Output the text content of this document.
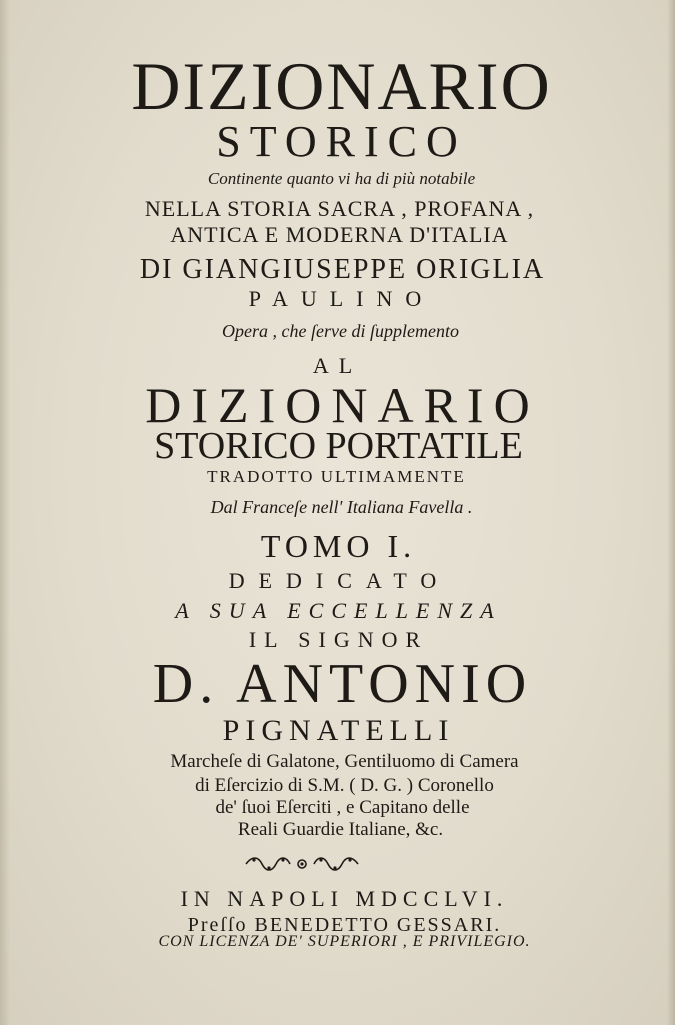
DIZIONARIO

STORICO

Continente quanto vi ha di più notabile

NELLA STORIA SACRA , PROFANA ,

ANTICA E MODERNA D'ITALIA

DI GIANGIUSEPPE ORIGLIA

PAULINO

Opera , che ſerve di ſupplemento

AL

DIZIONARIO

STORICO PORTATILE

TRADOTTO ULTIMAMENTE

Dal Franceſe nell' Italiana Favella .

TOMO I.

DEDICATO

A SUA ECCELLENZA

IL SIGNOR

D. ANTONIO

PIGNATELLI

Marcheſe di Galatone, Gentiluomo di Camera

di Eſercizio di S.M. ( D. G. ) Coronello

de' ſuoi Eſerciti , e Capitano delle

Reali Guardie Italiane, &c.

IN NAPOLI MDCCLVI.

Preſſo BENEDETTO GESSARI.

CON LICENZA DE' SUPERIORI , E PRIVILEGIO.
